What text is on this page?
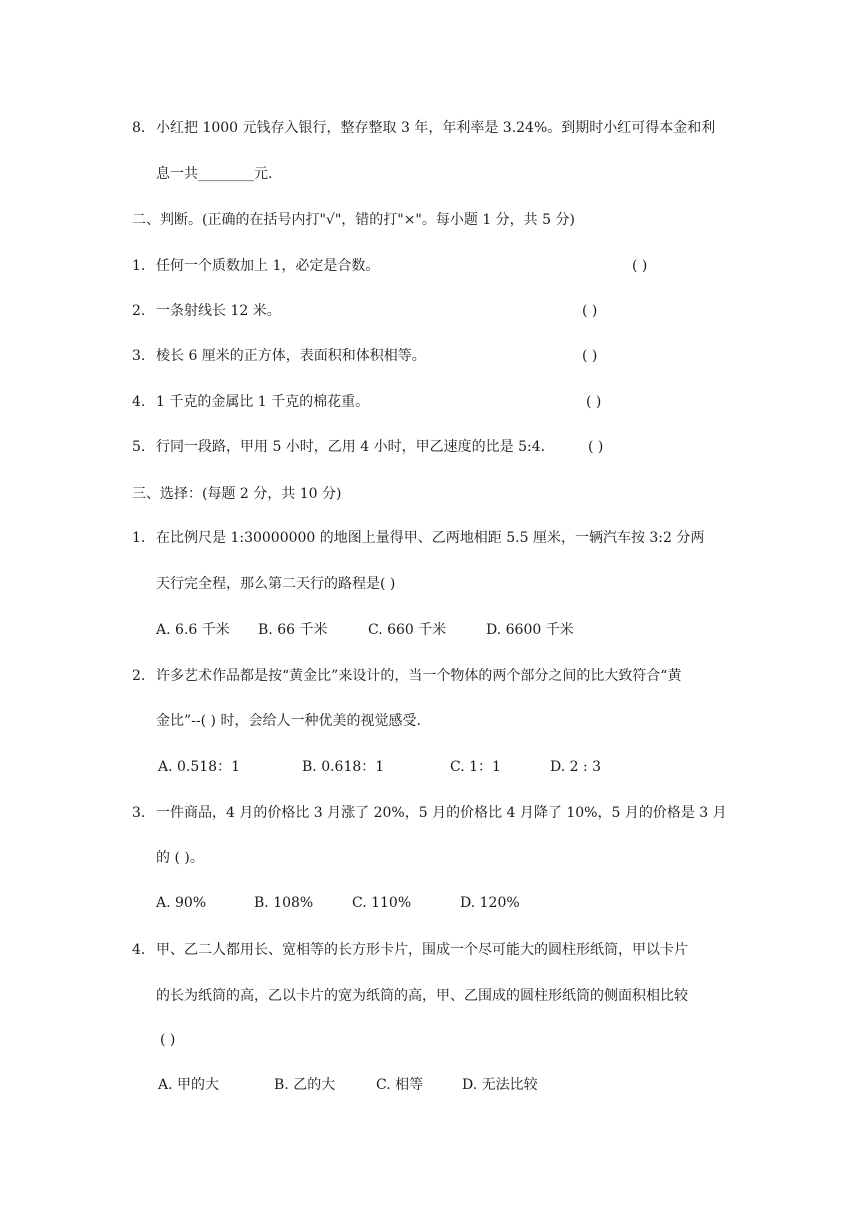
8. 小红把 1000 元钱存入银行，整存整取 3 年，年利率是 3.24%。到期时小红可得本金和利
息一共________元.
二、判断。(正确的在括号内打"√"，错的打"×"。每小题 1 分，共 5 分)
1. 任何一个质数加上 1，必定是合数。	( )
2. 一条射线长 12 米。	( )
3. 棱长 6 厘米的正方体，表面积和体积相等。	( )
4. 1 千克的金属比 1 千克的棉花重。	( )
5. 行同一段路，甲用 5 小时，乙用 4 小时，甲乙速度的比是 5:4.	( )
三、选择：(每题 2 分，共 10 分)
1. 在比例尺是 1:30000000 的地图上量得甲、乙两地相距 5.5 厘米，一辆汽车按 3:2 分两
天行完全程，那么第二天行的路程是( )
A. 6.6 千米 B. 66 千米	C. 660 千米	D. 6600 千米
2. 许多艺术作品都是按“黄金比”来设计的，当一个物体的两个部分之间的比大致符合“黄
金比”--( ) 时，会给人一种优美的视觉感受.
A. 0.518：1	B. 0.618：1	C. 1：1	D. 2 : 3
3. 一件商品，4 月的价格比 3 月涨了 20%，5 月的价格比 4 月降了 10%，5 月的价格是 3 月
的 ( )。
A. 90%	B. 108%	C. 110%	D. 120%
4. 甲、乙二人都用长、宽相等的长方形卡片，围成一个尽可能大的圆柱形纸筒，甲以卡片
的长为纸筒的高，乙以卡片的宽为纸筒的高，甲、乙围成的圆柱形纸筒的侧面积相比较
( )
A. 甲的大	B. 乙的大	C. 相等	D. 无法比较
